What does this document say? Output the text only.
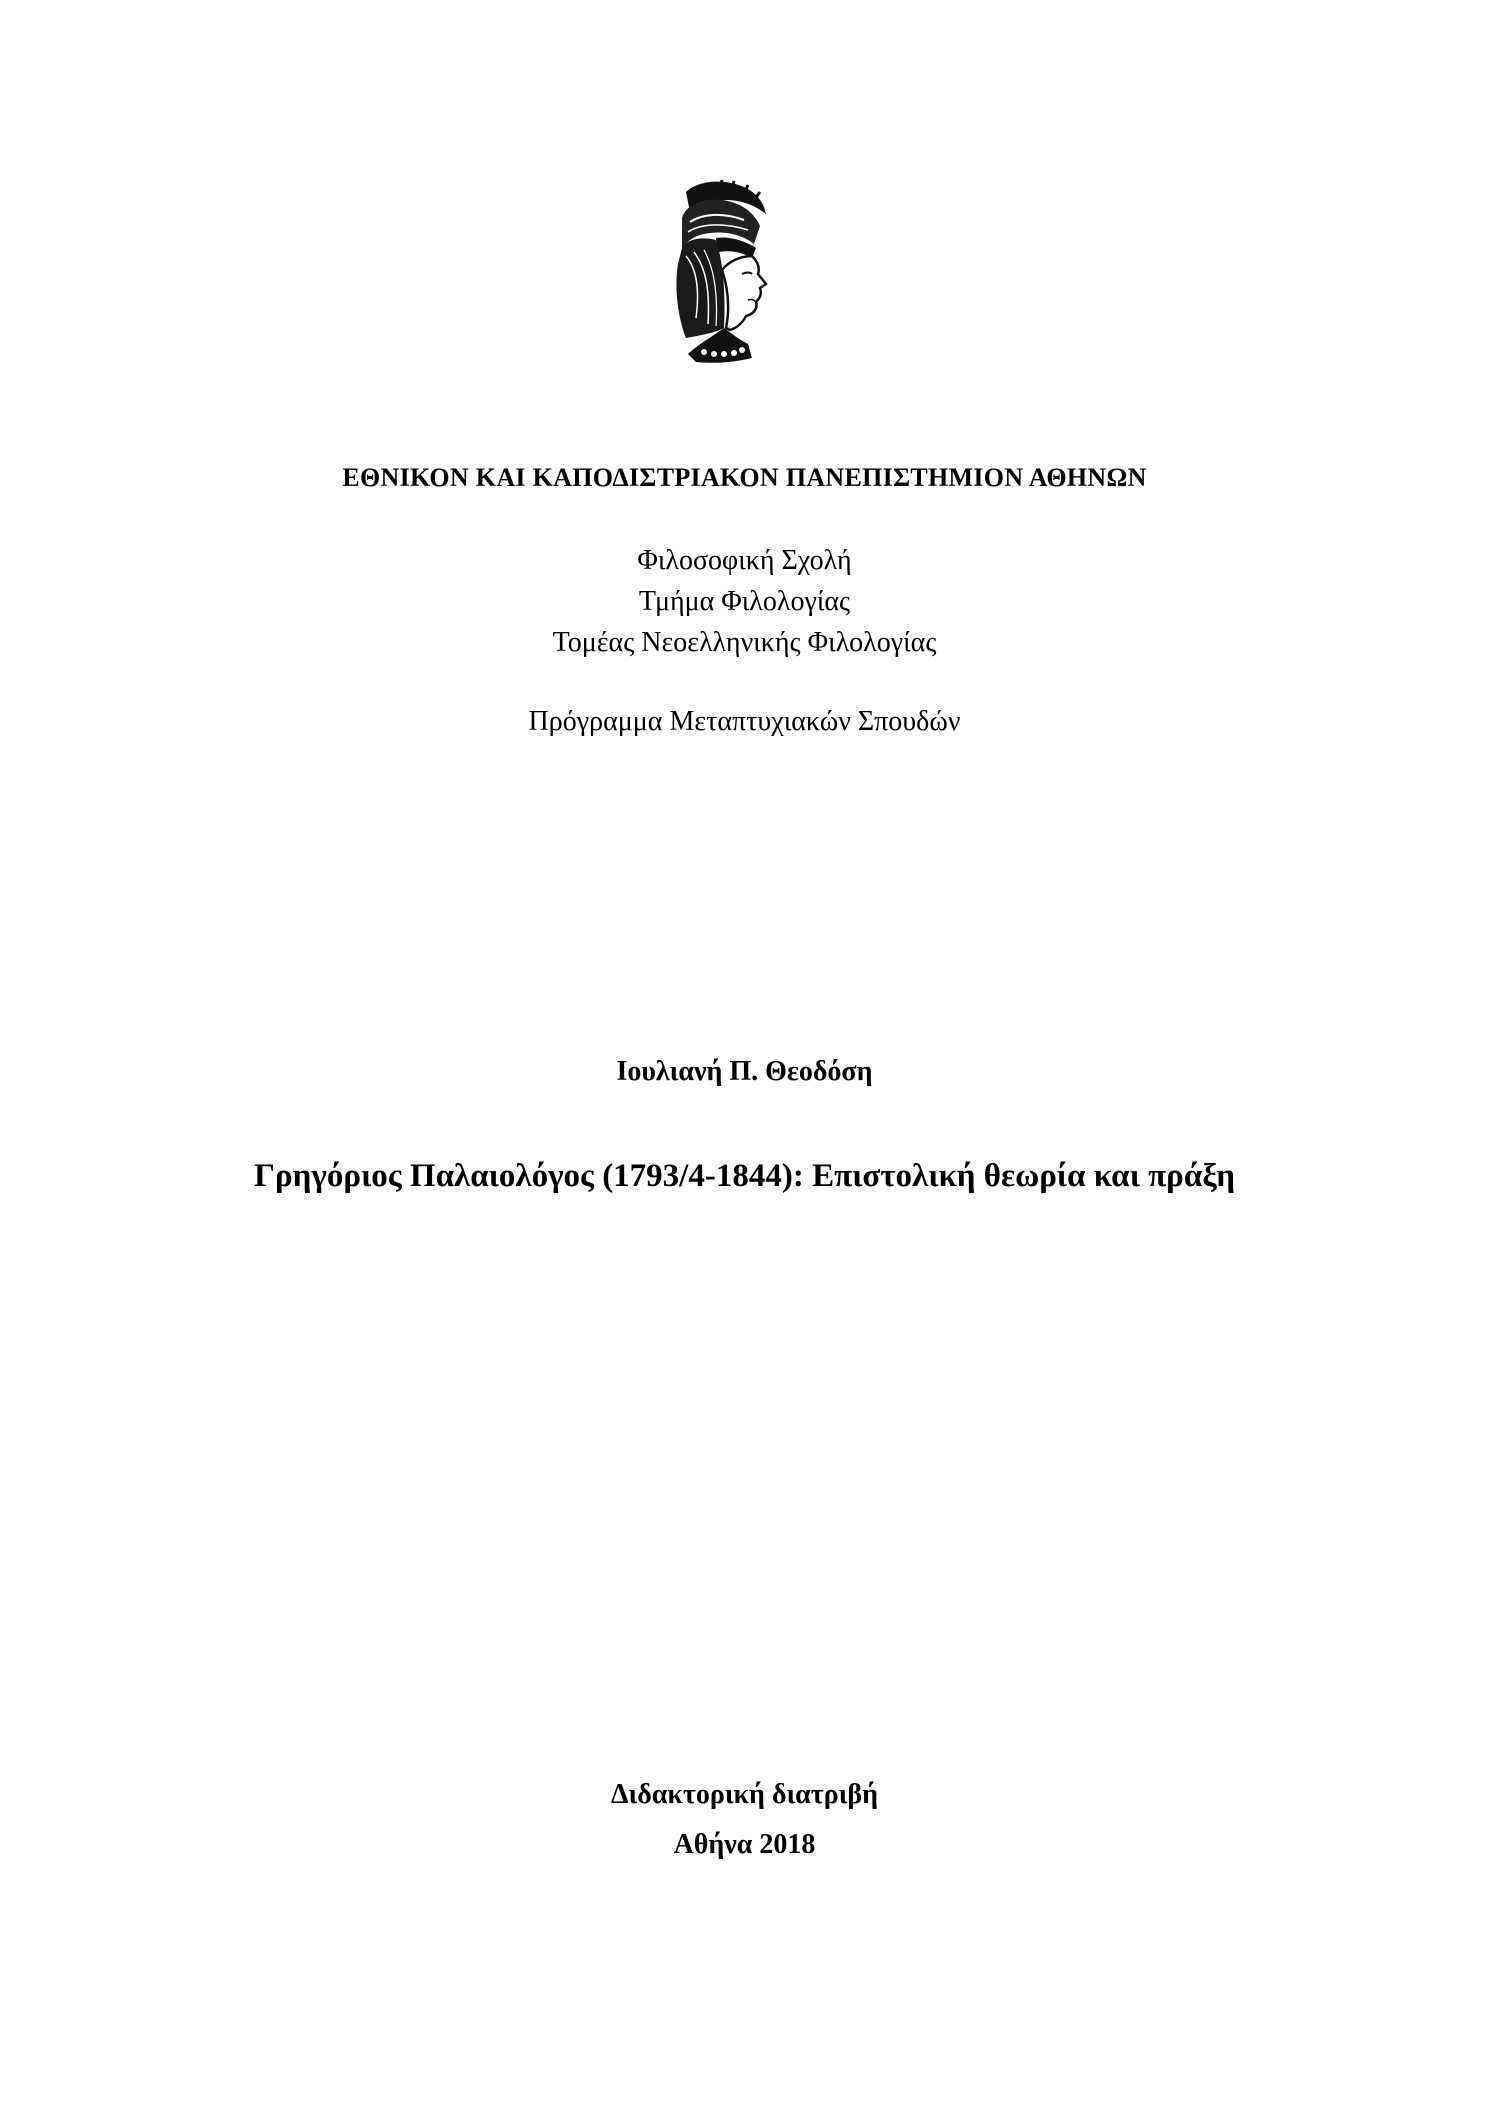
ΕΘΝΙΚΟΝ ΚΑΙ ΚΑΠΟΔΙΣΤΡΙΑΚΟΝ ΠΑΝΕΠΙΣΤΗΜΙΟΝ ΑΘΗΝΩΝ
Φιλοσοφική Σχολή
Τμήμα Φιλολογίας
Τομέας Νεοελληνικής Φιλολογίας
Πρόγραμμα Μεταπτυχιακών Σπουδών
Ιουλιανή Π. Θεοδόση
Γρηγόριος Παλαιολόγος (1793/4-1844): Επιστολική θεωρία και πράξη
Διδακτορική διατριβή
Αθήνα 2018
